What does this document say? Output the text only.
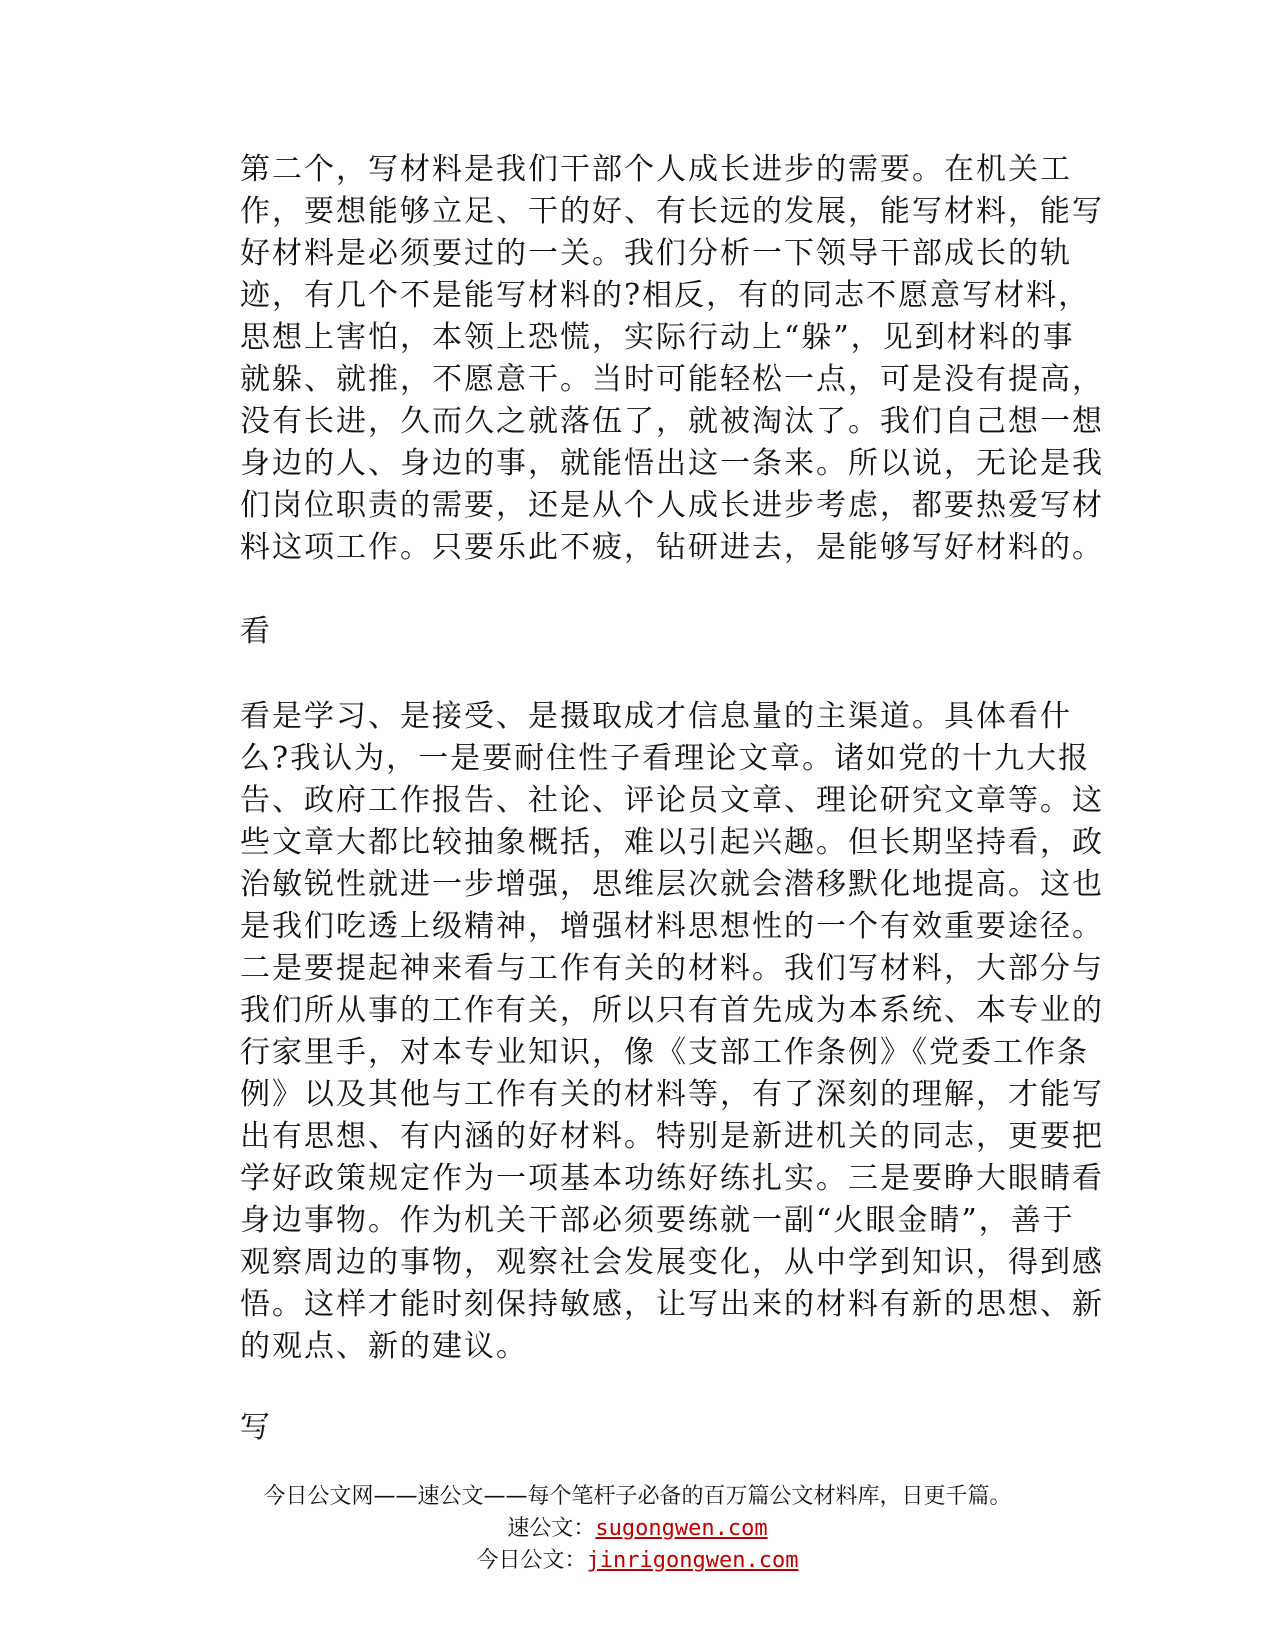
第二个，写材料是我们干部个人成长进步的需要。在机关工

作，要想能够立足、干的好、有长远的发展，能写材料，能写

好材料是必须要过的一关。我们分析一下领导干部成长的轨

迹，有几个不是能写材料的?相反，有的同志不愿意写材料，

思想上害怕，本领上恐慌，实际行动上“躲”，见到材料的事

就躲、就推，不愿意干。当时可能轻松一点，可是没有提高，

没有长进，久而久之就落伍了，就被淘汰了。我们自己想一想

身边的人、身边的事，就能悟出这一条来。所以说，无论是我

们岗位职责的需要，还是从个人成长进步考虑，都要热爱写材

料这项工作。只要乐此不疲，钻研进去，是能够写好材料的。

看

看是学习、是接受、是摄取成才信息量的主渠道。具体看什

么?我认为，一是要耐住性子看理论文章。诸如党的十九大报

告、政府工作报告、社论、评论员文章、理论研究文章等。这

些文章大都比较抽象概括，难以引起兴趣。但长期坚持看，政

治敏锐性就进一步增强，思维层次就会潜移默化地提高。这也

是我们吃透上级精神，增强材料思想性的一个有效重要途径。

二是要提起神来看与工作有关的材料。我们写材料，大部分与

我们所从事的工作有关，所以只有首先成为本系统、本专业的

行家里手，对本专业知识，像《支部工作条例》《党委工作条

例》以及其他与工作有关的材料等，有了深刻的理解，才能写

出有思想、有内涵的好材料。特别是新进机关的同志，更要把

学好政策规定作为一项基本功练好练扎实。三是要睁大眼睛看

身边事物。作为机关干部必须要练就一副“火眼金睛”，善于

观察周边的事物，观察社会发展变化，从中学到知识，得到感

悟。这样才能时刻保持敏感，让写出来的材料有新的思想、新

的观点、新的建议。

写

今日公文网——速公文——每个笔杆子必备的百万篇公文材料库，日更千篇。
速公文：sugongwen.com
今日公文：jinrigongwen.com
